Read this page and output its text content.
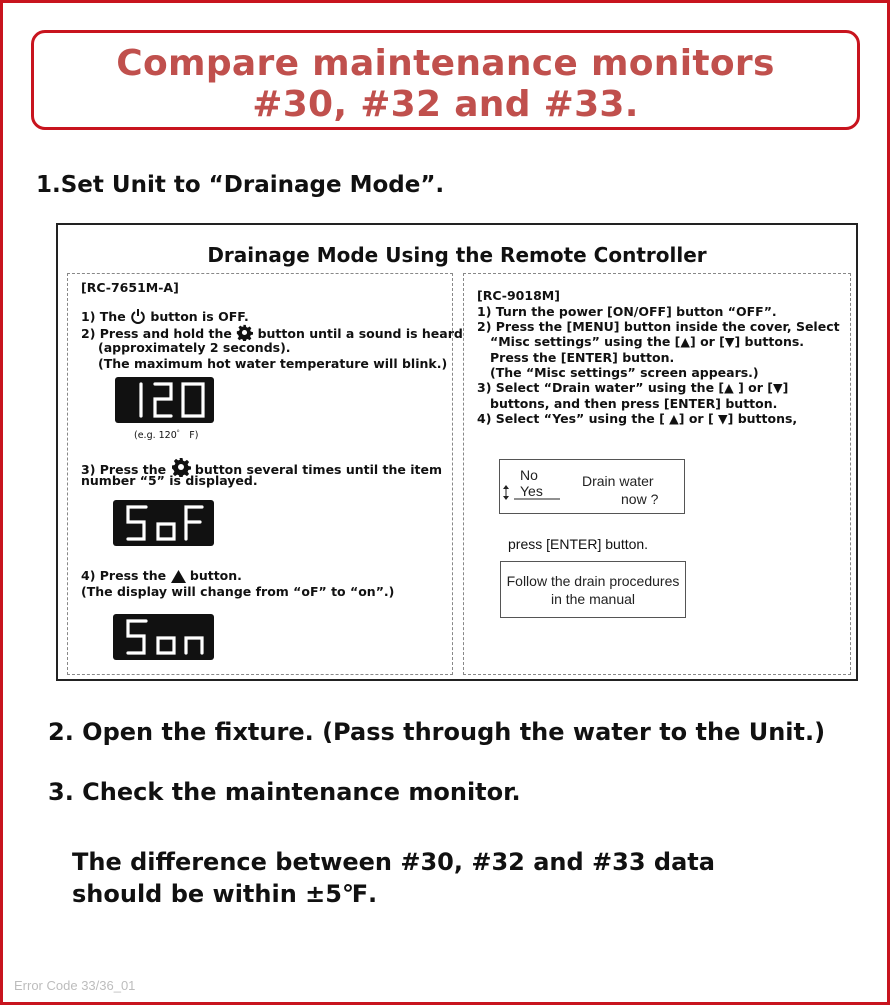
Compare maintenance monitors
#30, #32 and #33.
1.Set Unit to “Drainage Mode”.
Drainage Mode Using the Remote Controller
[RC-7651M-A]
1) The button is OFF.
2) Press and hold the button until a sound is heard
(approximately 2 seconds).
(The maximum hot water temperature will blink.)
(e.g. 120゜ F)
3) Press the button several times until the item
number “5” is displayed.
4) Press the button.
(The display will change from “oF” to “on”.)
[RC-9018M]
1) Turn the power [ON/OFF] button “OFF”.
2) Press the [MENU] button inside the cover, Select
“Misc settings” using the [▲] or [▼] buttons.
Press the [ENTER] button.
(The “Misc settings” screen appears.)
3) Select “Drain water” using the [▲ ] or [▼]
buttons, and then press [ENTER] button.
4) Select “Yes” using the [ ▲] or [ ▼] buttons,
No
Yes
Drain water
now ?
press [ENTER] button.
Follow the drain procedures
in the manual
2. Open the fixture. (Pass through the water to the Unit.)
3. Check the maintenance monitor.
The difference between #30, #32 and #33 data
should be within ±5℉.
Error Code 33/36_01
